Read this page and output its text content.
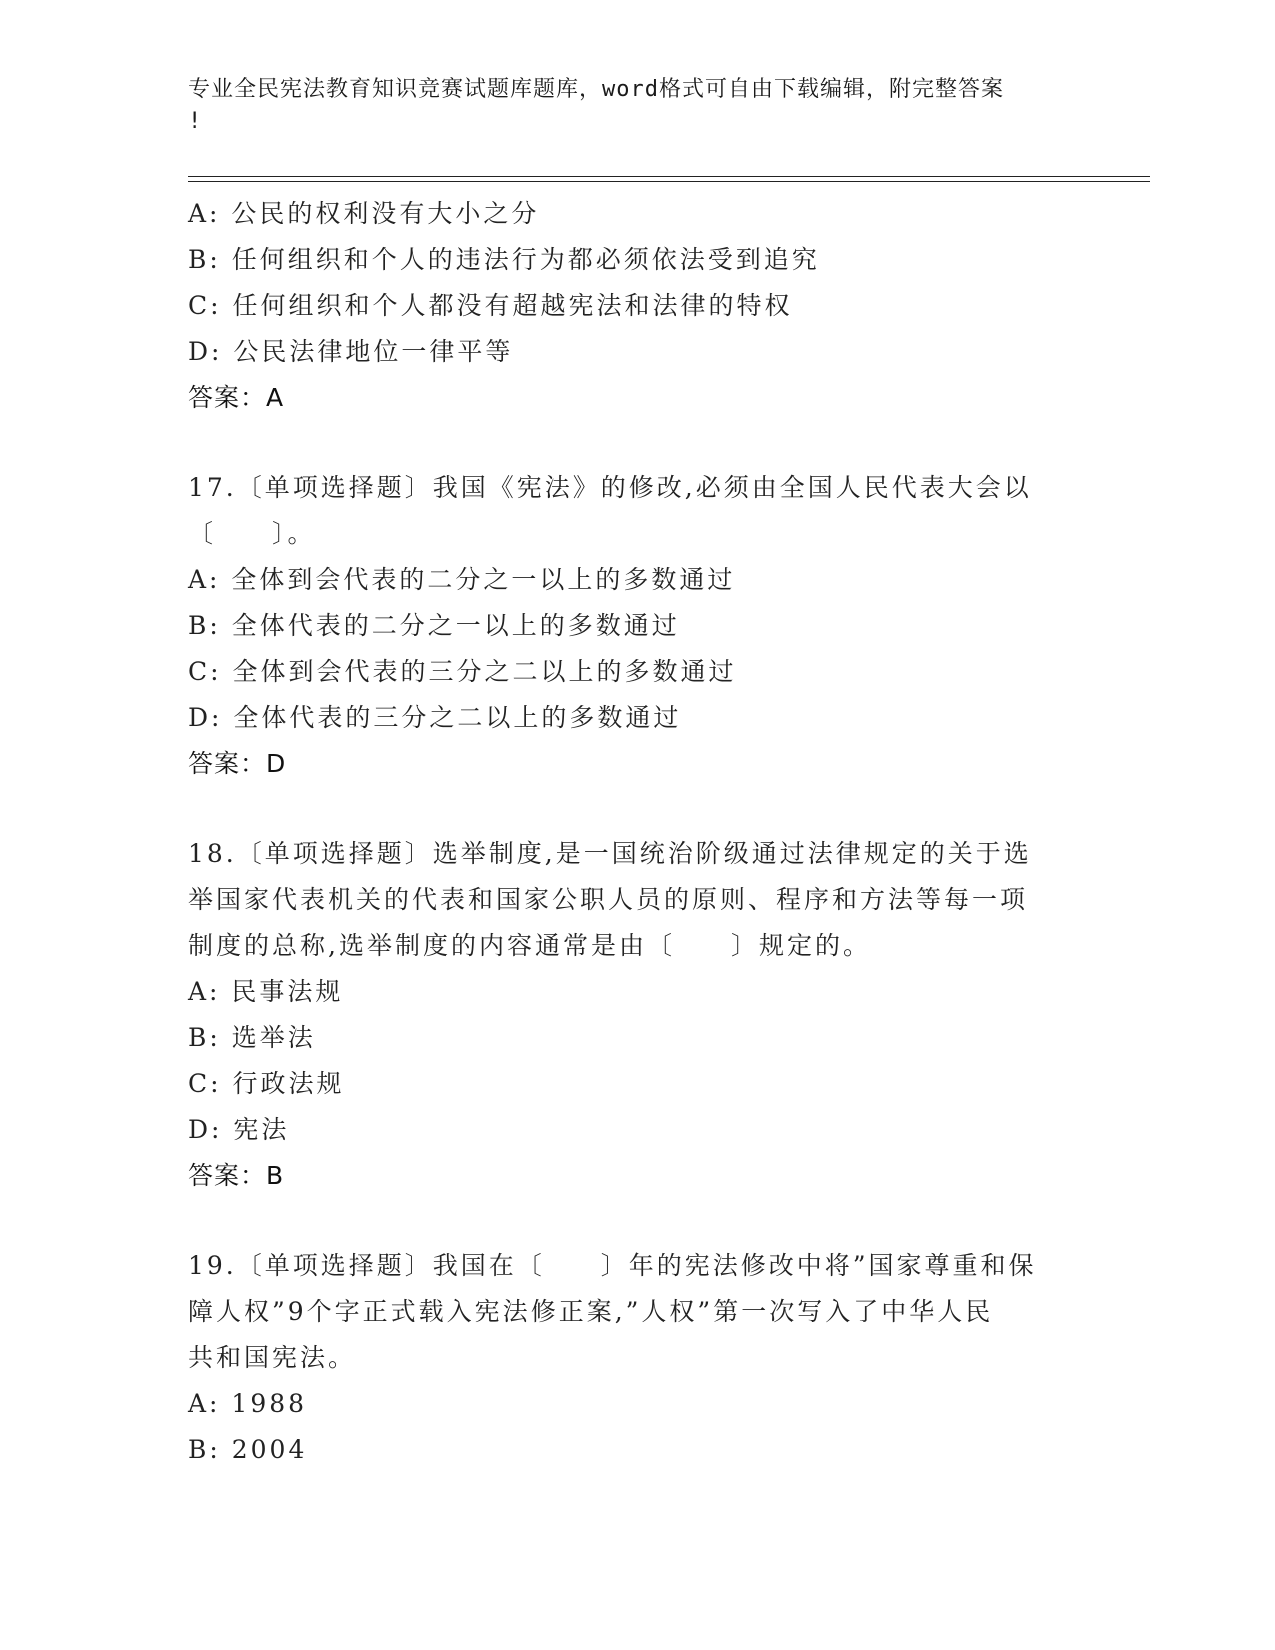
专业全民宪法教育知识竞赛试题库题库，word格式可自由下载编辑，附完整答案
!
A: 公民的权利没有大小之分
B: 任何组织和个人的违法行为都必须依法受到追究
C: 任何组织和个人都没有超越宪法和法律的特权
D: 公民法律地位一律平等
答案：A
17.〔单项选择题〕我国《宪法》的修改,必须由全国人民代表大会以
〔　　〕。
A: 全体到会代表的二分之一以上的多数通过
B: 全体代表的二分之一以上的多数通过
C: 全体到会代表的三分之二以上的多数通过
D: 全体代表的三分之二以上的多数通过
答案：D
18.〔单项选择题〕选举制度,是一国统治阶级通过法律规定的关于选
举国家代表机关的代表和国家公职人员的原则、程序和方法等每一项
制度的总称,选举制度的内容通常是由〔　　〕规定的。
A: 民事法规
B: 选举法
C: 行政法规
D: 宪法
答案：B
19.〔单项选择题〕我国在〔　　〕年的宪法修改中将”国家尊重和保
障人权”9个字正式载入宪法修正案,”人权”第一次写入了中华人民
共和国宪法。
A: 1988
B: 2004
